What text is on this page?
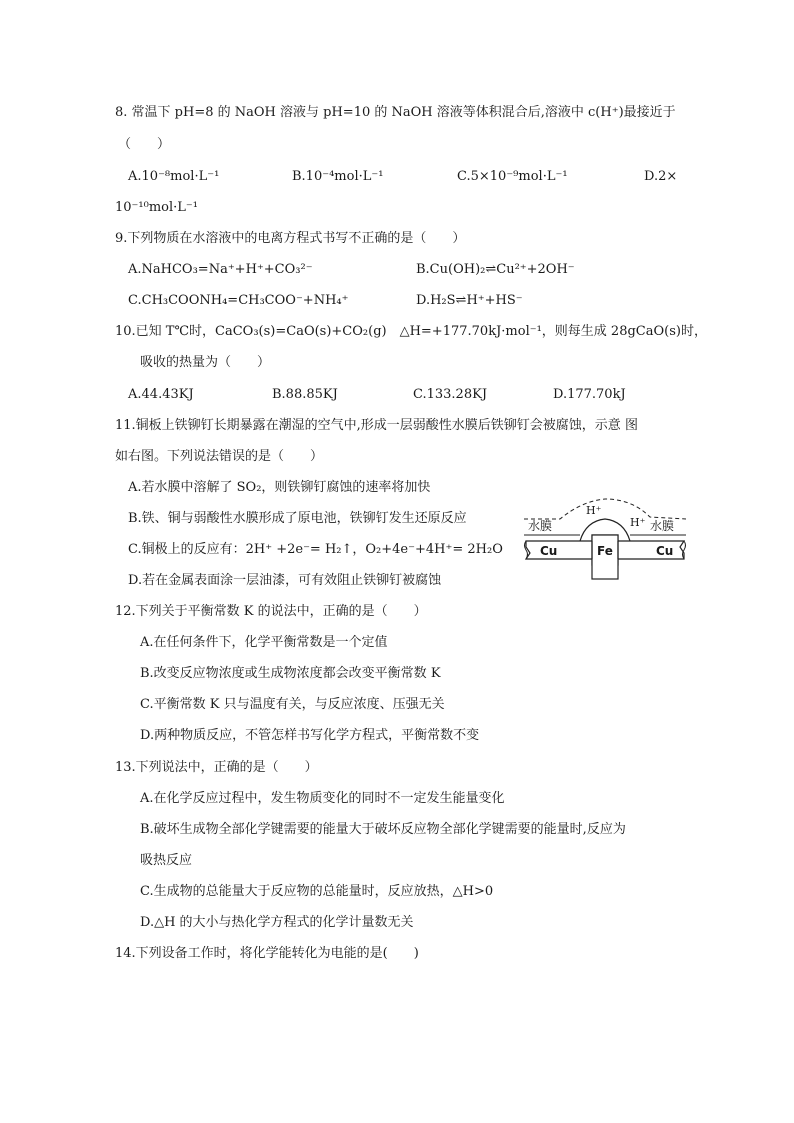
8. 常温下 pH=8 的 NaOH 溶液与 pH=10 的 NaOH 溶液等体积混合后,溶液中 c(H⁺)最接近于
（　　）
A.10⁻⁸mol·L⁻¹	B.10⁻⁴mol·L⁻¹	C.5×10⁻⁹mol·L⁻¹	D.2×
10⁻¹⁰mol·L⁻¹
9.下列物质在水溶液中的电离方程式书写不正确的是（　　）
A.NaHCO₃=Na⁺+H⁺+CO₃²⁻	B.Cu(OH)₂⇌Cu²⁺+2OH⁻
C.CH₃COONH₄=CH₃COO⁻+NH₄⁺	D.H₂S⇌H⁺+HS⁻
10.已知 T℃时，CaCO₃(s)=CaO(s)+CO₂(g)　△H=+177.70kJ·mol⁻¹，则每生成 28gCaO(s)时，
吸收的热量为（　　）
A.44.43KJ	B.88.85KJ	C.133.28KJ	D.177.70kJ
11.铜板上铁铆钉长期暴露在潮湿的空气中,形成一层弱酸性水膜后铁铆钉会被腐蚀，示意 图
如右图。下列说法错误的是（　　）
A.若水膜中溶解了 SO₂，则铁铆钉腐蚀的速率将加快
B.铁、铜与弱酸性水膜形成了原电池，铁铆钉发生还原反应
C.铜极上的反应有：2H⁺ +2e⁻= H₂↑，O₂+4e⁻+4H⁺= 2H₂O
D.若在金属表面涂一层油漆，可有效阻止铁铆钉被腐蚀
水膜
H⁺
H⁺ 水膜
Cu	Fe	Cu
12.下列关于平衡常数 K 的说法中，正确的是（　　）
A.在任何条件下，化学平衡常数是一个定值
B.改变反应物浓度或生成物浓度都会改变平衡常数 K
C.平衡常数 K 只与温度有关，与反应浓度、压强无关
D.两种物质反应，不管怎样书写化学方程式，平衡常数不变
13.下列说法中，正确的是（　　）
A.在化学反应过程中，发生物质变化的同时不一定发生能量变化
B.破坏生成物全部化学键需要的能量大于破坏反应物全部化学键需要的能量时,反应为
吸热反应
C.生成物的总能量大于反应物的总能量时，反应放热，△H>0
D.△H 的大小与热化学方程式的化学计量数无关
14.下列设备工作时，将化学能转化为电能的是(　　)
